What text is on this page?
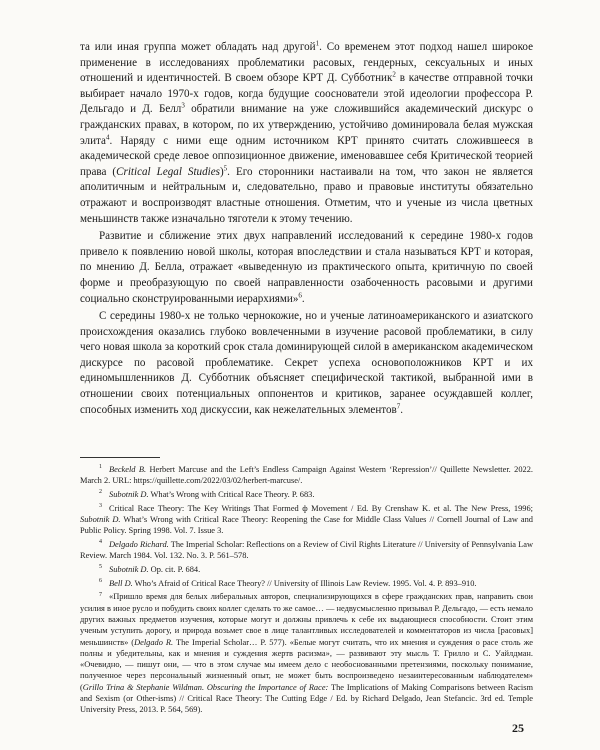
та или иная группа может обладать над другой$^1$. Со временем этот подход нашел широкое применение в исследованиях проблематики расовых, гендерных, сексуальных и иных отношений и идентичностей. В своем обзоре КРТ Д. Субботник$^2$ в качестве отправной точки выбирает начало 1970-х годов, когда будущие сооснователи этой идеологии профессора Р. Дельгадо и Д. Белл$^3$ обратили внимание на уже сложившийся академический дискурс о гражданских правах, в котором, по их утверждению, устойчиво доминировала белая мужская элита$^4$. Наряду с ними еще одним источником КРТ принято считать сложившееся в академической среде левое оппозиционное движение, именовавшее себя Критической теорией права (Critical Legal Studies)$^5$. Его сторонники настаивали на том, что закон не является аполитичным и нейтральным и, следовательно, право и правовые институты обязательно отражают и воспроизводят властные отношения. Отметим, что и ученые из числа цветных меньшинств также изначально тяготели к этому течению.

Развитие и сближение этих двух направлений исследований к середине 1980-х годов привело к появлению новой школы, которая впоследствии и стала называться КРТ и которая, по мнению Д. Белла, отражает «выведенную из практического опыта, критичную по своей форме и преобразующую по своей направленности озабоченность расовыми и другими социально сконструированными иерархиями»$^6$.

С середины 1980-х не только чернокожие, но и ученые латиноамериканского и азиатского происхождения оказались глубоко вовлеченными в изучение расовой проблематики, в силу чего новая школа за короткий срок стала доминирующей силой в американском академическом дискурсе по расовой проблематике. Секрет успеха основоположников КРТ и их единомышленников Д. Субботник объясняет специфической тактикой, выбранной ими в отношении своих потенциальных оппонентов и критиков, заранее осуждавшей коллег, способных изменить ход дискуссии, как нежелательных элементов$^7$.

$^1$ Beckeld B. Herbert Marcuse and the Left’s Endless Campaign Against Western ‘Repression’// Quillette Newsletter. 2022. March 2. URL: https://quillette.com/2022/03/02/herbert-marcuse/.

$^2$ Subotnik D. What’s Wrong with Critical Race Theory. P. 683.

$^3$ Critical Race Theory: The Key Writings That Formed ф Movement / Ed. By Crenshaw K. et al. The New Press, 1996; Subotnik D. What’s Wrong with Critical Race Theory: Reopening the Case for Middle Class Values // Cornell Journal of Law and Public Policy. Spring 1998. Vol. 7. Issue 3.

$^4$ Delgado Richard. The Imperial Scholar: Reflections on a Review of Civil Rights Literature // University of Pennsylvania Law Review. March 1984. Vol. 132. No. 3. P. 561–578.

$^5$ Subotnik D. Op. cit. P. 684.

$^6$ Bell D. Who’s Afraid of Critical Race Theory? // University of Illinois Law Review. 1995. Vol. 4. P. 893–910.

$^7$ «Пришло время для белых либеральных авторов, специализирующихся в сфере гражданских прав, направить свои усилия в иное русло и побудить своих коллег сделать то же самое… — недвусмысленно призывал Р. Дельгадо, — есть немало других важных предметов изучения, которые могут и должны привлечь к себе их выдающиеся способности. Стоит этим ученым уступить дорогу, и природа возьмет свое в лице талантливых исследователей и комментаторов из числа [расовых] меньшинств» (Delgado R. The Imperial Scholar… P. 577). «Белые могут считать, что их мнения и суждения о расе столь же полны и убедительны, как и мнения и суждения жертв расизма», — развивают эту мысль Т. Грилло и С. Уайлдман. «Очевидно, — пишут они, — что в этом случае мы имеем дело с необоснованными претензиями, поскольку понимание, полученное через персональный жизненный опыт, не может быть воспроизведено незаинтересованным наблюдателем» (Grillo Trina & Stephanie Wildman. Obscuring the Importance of Race: The Implications of Making Comparisons between Racism and Sexism (or Other-isms) // Critical Race Theory: The Cutting Edge / Ed. by Richard Delgado, Jean Stefancic. 3rd ed. Temple University Press, 2013. P. 564, 569).

25
